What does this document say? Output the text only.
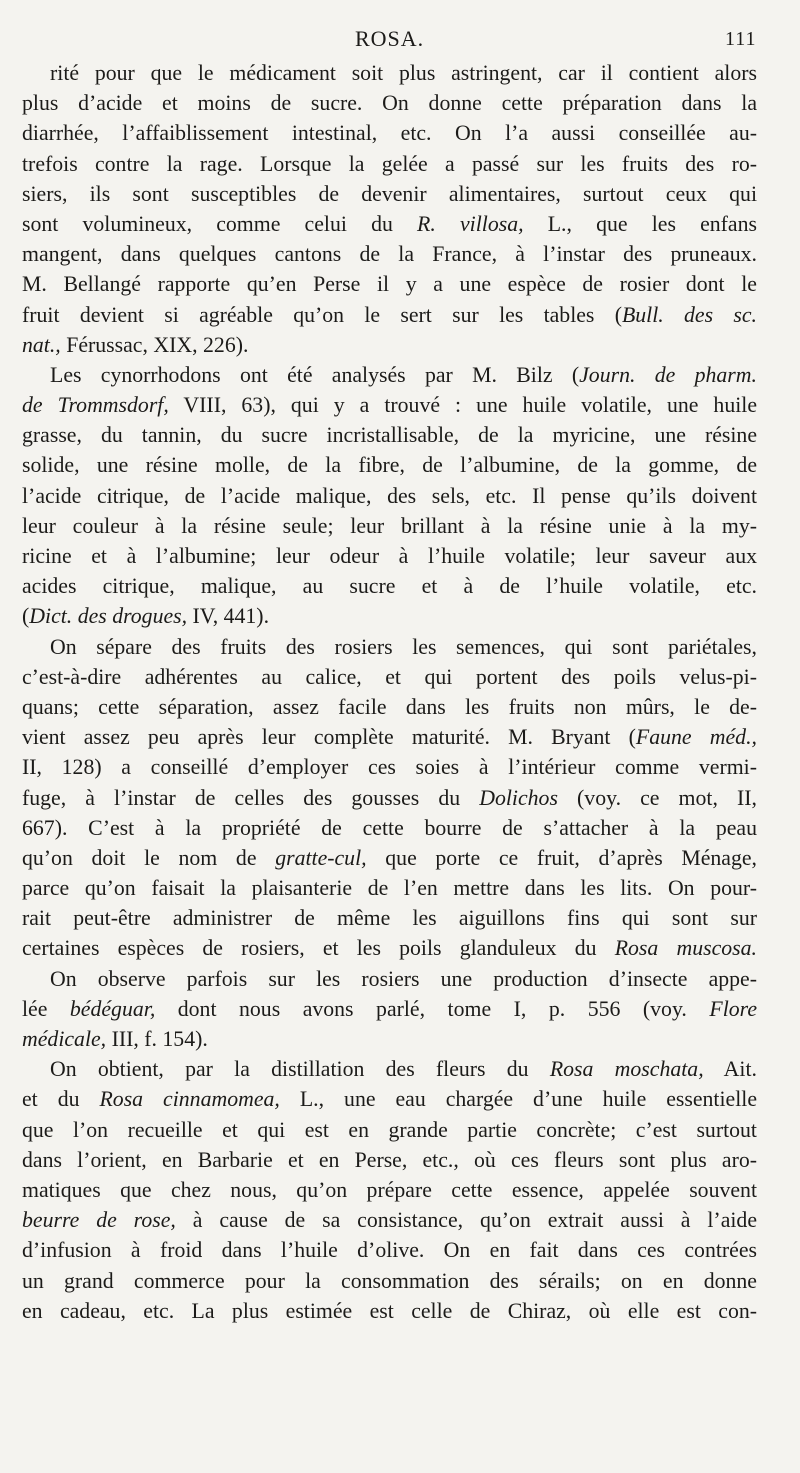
ROSA.	111
rité pour que le médicament soit plus astringent, car il contient alors
plus d’acide et moins de sucre. On donne cette préparation dans la
diarrhée, l’affaiblissement intestinal, etc. On l’a aussi conseillée au-
trefois contre la rage. Lorsque la gelée a passé sur les fruits des ro-
siers, ils sont susceptibles de devenir alimentaires, surtout ceux qui
sont volumineux, comme celui du R. villosa, L., que les enfans
mangent, dans quelques cantons de la France, à l’instar des pruneaux.
M. Bellangé rapporte qu’en Perse il y a une espèce de rosier dont le
fruit devient si agréable qu’on le sert sur les tables (Bull. des sc.
nat., Férussac, XIX, 226).
Les cynorrhodons ont été analysés par M. Bilz (Journ. de pharm.
de Trommsdorf, VIII, 63), qui y a trouvé : une huile volatile, une huile
grasse, du tannin, du sucre incristallisable, de la myricine, une résine
solide, une résine molle, de la fibre, de l’albumine, de la gomme, de
l’acide citrique, de l’acide malique, des sels, etc. Il pense qu’ils doivent
leur couleur à la résine seule; leur brillant à la résine unie à la my-
ricine et à l’albumine; leur odeur à l’huile volatile; leur saveur aux
acides citrique, malique, au sucre et à de l’huile volatile, etc.
(Dict. des drogues, IV, 441).
On sépare des fruits des rosiers les semences, qui sont pariétales,
c’est-à-dire adhérentes au calice, et qui portent des poils velus-pi-
quans; cette séparation, assez facile dans les fruits non mûrs, le de-
vient assez peu après leur complète maturité. M. Bryant (Faune méd.,
II, 128) a conseillé d’employer ces soies à l’intérieur comme vermi-
fuge, à l’instar de celles des gousses du Dolichos (voy. ce mot, II,
667). C’est à la propriété de cette bourre de s’attacher à la peau
qu’on doit le nom de gratte-cul, que porte ce fruit, d’après Ménage,
parce qu’on faisait la plaisanterie de l’en mettre dans les lits. On pour-
rait peut-être administrer de même les aiguillons fins qui sont sur
certaines espèces de rosiers, et les poils glanduleux du Rosa muscosa.
On observe parfois sur les rosiers une production d’insecte appe-
lée bédéguar, dont nous avons parlé, tome I, p. 556 (voy. Flore
médicale, III, f. 154).
On obtient, par la distillation des fleurs du Rosa moschata, Ait.
et du Rosa cinnamomea, L., une eau chargée d’une huile essentielle
que l’on recueille et qui est en grande partie concrète; c’est surtout
dans l’orient, en Barbarie et en Perse, etc., où ces fleurs sont plus aro-
matiques que chez nous, qu’on prépare cette essence, appelée souvent
beurre de rose, à cause de sa consistance, qu’on extrait aussi à l’aide
d’infusion à froid dans l’huile d’olive. On en fait dans ces contrées
un grand commerce pour la consommation des sérails; on en donne
en cadeau, etc. La plus estimée est celle de Chiraz, où elle est con-
